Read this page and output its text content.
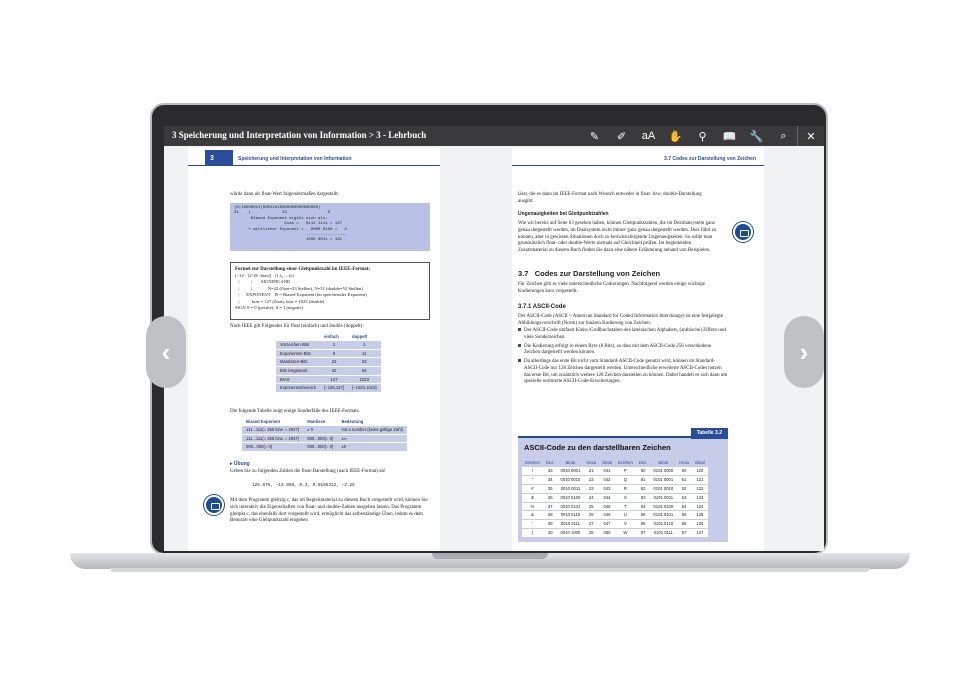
3 Speicherung und Interpretation von Information > 3 - Lehrbuch	✎	✐	aA	✋	⚲	📖	🔧	⌕	✕
3	Speicherung und Interpretation von Information
würde dann als float-Wert folgendermaßen dargestellt:
|0|10000011|00011010000000000000000|
31    |             23                 0
Biased Exponent ergibt sich als:
bias =   0111 1111 = 127
+ wirklicher Exponent =   0000 0100 =   4
-----------------
1000 0011 = 131
Formel zur Darstellung einer Gleitpunktzahl im IEEE-Format:
(−1)ˢ · [2^(E−bias)] · [1.f₀ ... fₙ]
|          |        SIGNIFICAND
|          |              N=22 (float=23 Stellen), N=51 (double=52 Stellen)
|      EXPONENT    B = Biased Exponent (im speichernder Exponent)
|           bias = 127 (float), bias = 1023 (double)
SIGN S = 0 (positiv), S = 1 (negativ)
Nach IEEE gilt Folgendes für float (einfach) und double (doppelt):
	einfach	doppelt
Vorzeichen-Bits	1	1
Exponenten-Bits	8	11
Mantissen-Bits	23	52
Bits insgesamt	32	64
BIAS	127	1023
Exponentenbereich	[−126,127]	[−1022,1023]
Die folgende Tabelle zeigt einige Sonderfälle des IEEE-Formats.
Biased Exponent	Mantisse	Bedeutung
111...111(= 255 bzw. = 2047)	≠ 0	not a number (keine gültige Zahl)
111...111(= 255 bzw. = 2047)	000...000(= 0)	±∞
000...000(= 0)	000...000(= 0)	±0
▸ Übung
Geben Sie zu folgenden Zahlen die float-Darstellung (nach IEEE-Format) an!
125.875, −13.888, 0.3, 0.0195312, −2.25
Mit dem Programm gleitzig.c, das im Begleitmaterial zu diesem Buch vorgestellt wird, können Sie sich interaktiv die Eigenschaften von float- und double-Zahlen ausgeben lassen. Das Programm gleitpkt.c, das ebenfalls dort vorgestellt wird, ermöglicht das selbstständige Üben, indem es dem Benutzer eine Gleitpunktzahl eingeben
3.7 Codes zur Darstellung von Zeichen
lässt, die es dann im IEEE-Format nach Wunsch entweder in float- bzw. double-Darstellung ausgibt.
Ungenauigkeiten bei Gleitpunktzahlen
Wie wir bereits auf Seite 63 gesehen haben, können Gleitpunktzahlen, die im Dezimalsystem ganz genau dargestellt werden, im Dualsystem nicht immer ganz genau dargestellt werden. Dies führt zu können, aber in gewissen Situationen doch zu berücksichtigende Ungenauigkeiten. So sollte man grundsätzlich float- oder double-Werte niemals auf Gleichheit prüfen. Im begleitenden Zusatzmaterial zu diesem Buch finden Sie dazu eine nähere Erläuterung anhand von Beispielen.
3.7 Codes zur Darstellung von Zeichen
Für Zeichen gibt es viele unterschiedliche Codierungen. Nachfolgend werden einige wichtige Kodierungen kurz vorgestellt.
3.7.1 ASCII-Code
Der ASCII-Code (ASCII = American Standard for Coded Information Interchange) ist eine festgelegte Abbildungsvorschrift (Norm) zur binären Kodierung von Zeichen.
Der ASCII-Code umfasst Klein-/Großbuchstaben des lateinischen Alphabets, (arabische) Ziffern und viele Sonderzeichen.
Die Kodierung erfolgt in einem Byte (8 Bits), so dass mit dem ASCII-Code 256 verschiedene Zeichen dargestellt werden können.
Da allerdings das erste Bit nicht vom Standard-ASCII-Code genutzt wird, können im Standard-ASCII-Code nur 128 Zeichen dargestellt werden. Unterschiedliche erweiterte ASCII-Codes nutzen das erste Bit, um zusätzlich weitere 128 Zeichen darstellen zu können. Dabei handelt es sich dann um spezielle normierte ASCII-Code-Erweiterungen.
Tabelle 3.2
ASCII-Code zu den darstellbaren Zeichen
Zeichen	Dez.	Binär	Hexa	Oktal	Zeichen	Dez.	Binär	Hexa	Oktal
!	33	0010 0001	21	041	P	80	0101 0000	50	120
"	34	0010 0010	22	042	Q	81	0101 0001	51	121
#	35	0010 0011	23	043	R	82	0101 0010	52	122
$	36	0010 0100	24	044	S	83	0101 0011	53	123
%	37	0010 0101	25	045	T	84	0101 0100	54	124
&	38	0010 0110	26	046	U	85	0101 0101	55	125
'	39	0010 0111	27	047	V	86	0101 0110	56	126
(	40	0010 1000	28	050	W	87	0101 0111	57	127
‹	›
